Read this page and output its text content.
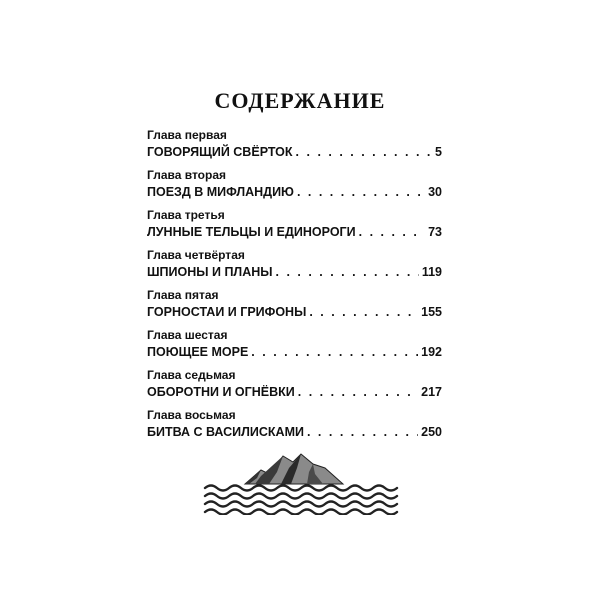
СОДЕРЖАНИЕ
Глава первая
ГОВОРЯЩИЙ СВЁРТОК . . .	5
Глава вторая
ПОЕЗД В МИФЛАНДИЮ . . .	30
Глава третья
ЛУННЫЕ ТЕЛЬЦЫ И ЕДИНОРОГИ . . .	73
Глава четвёртая
ШПИОНЫ И ПЛАНЫ . . .	119
Глава пятая
ГОРНОСТАИ И ГРИФОНЫ . . .	155
Глава шестая
ПОЮЩЕЕ МОРЕ . . .	192
Глава седьмая
ОБОРОТНИ И ОГНЁВКИ . . .	217
Глава восьмая
БИТВА С ВАСИЛИСКАМИ . . .	250
